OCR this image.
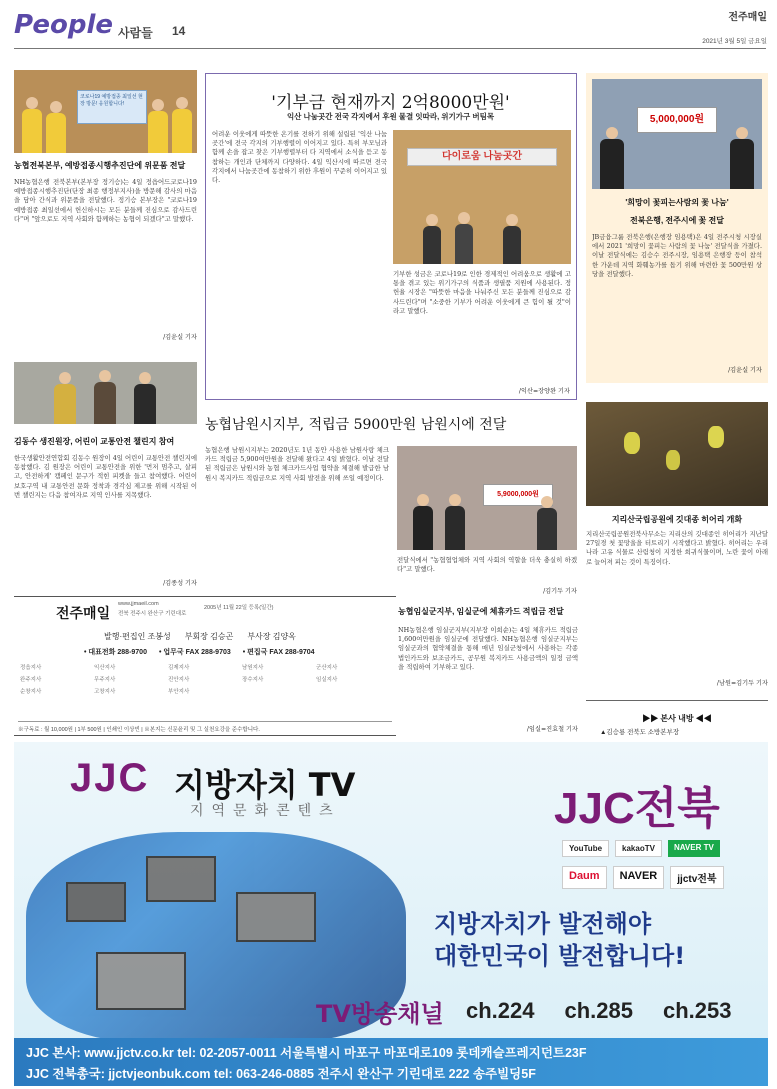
People 사람들 14
전주매일
2021년 3월 5일 금요일
코로나19 예방접종 최일선 현장 방문! 응원합니다!
농협전북본부, 예방접종시행추진단에 위문품 전달
NH농협은행 전북본부(본부장 정기승)는 4일 정읍어드코로나19 예방접종시행추진단(단장 최종 행정부지사)을 방문해 감사의 마음을 담아 간식과 위문품을 전달했다. 정기승 본부장은 "코로나19 예방접종 최일선에서 헌신하시는 모든 분들께 진심으로 감사드린다"며 "앞으로도 지역 사회와 함께하는 농협이 되겠다"고 말했다.
/김윤실 기자
김동수 생진원장, 어린이 교통안전 챌린지 참여
한국생활안전연합회 김동수 원장이 4일 어린이 교통안전 챌린지에 동참했다. 김 원장은 어린이 교통안전을 위한 '먼저 멈추고, 살피고, 안전하게' 캠페인 문구가 적힌 피켓을 들고 참여했다. 어린이 보호구역 내 교통안전 문화 정착과 경각심 제고를 위해 시작된 이번 챌린지는 다음 참여자로 지역 인사를 지목했다.
/김종성 기자
'기부금 현재까지 2억8000만원'
익산 나눔곳간 전국 각지에서 후원 물결 잇따라, 위기가구 버팀목
어려운 이웃에게 따뜻한 온기를 전하기 위해 설립된 '익산 나눔곳간'에 전국 각지의 기부행렬이 이어지고 있다. 특히 부모님과 함께 손을 잡고 찾은 기부행렬부터 다 지역에서 소식을 듣고 동참하는 개인과 단체까지 다양하다. 4일 익산시에 따르면 전국 각지에서 나눔곳간에 동참하기 위한 후원이 꾸준히 이어지고 있다.
다이로움 나눔곳간
기부한 성금은 코로나19로 인한 경제적인 어려움으로 생활에 고통을 겪고 있는 위기가구의 식품과 생필품 지원에 사용된다. 정헌율 시장은 "따뜻한 마음을 나눠주신 모든 분들께 진심으로 감사드린다"며 "소중한 기부가 어려운 이웃에게 큰 힘이 될 것"이라고 말했다.
/익산=장양완 기자
농협남원시지부, 적립금 5900만원 남원시에 전달
농협은행 남원시지부는 2020년도 1년 동안 사용한 남원사랑 체크카드 적립금 5,900여만원을 전달해 왔다고 4일 밝혔다. 이날 전달된 적립금은 남원시와 농협 체크카드사업 협약을 체결해 발급한 남원시 복지카드 적립금으로 지역 사회 발전을 위해 쓰일 예정이다.
5,9000,000원
전달식에서 "농협협업체와 지역 사회의 역할을 더욱 충실히 하겠다"고 말했다.
/김기두 기자
전주매일
www.jjmaeil.com
전북 전주시 완산구 기린대로
2005년 11월 22일 등록(일간)
발행·편집인 조봉성 부회장 김승곤 부사장 김양옥
• 대표전화 288-9700 • 업무국 FAX 288-9703 • 편집국 FAX 288-9704
정읍지사	익산지사	김제지사	남원지사	군산지사
완주지사	무주지사	진안지사	장수지사	임실지사
순창지사	고창지사	부안지사
※구독료 : 월 10,000원 | 1부 500원 | 인쇄인 이상빈 | ※본지는 신문윤리 및 그 실천요강을 준수합니다.
농협임실군지부, 임실군에 체휴카드 적립금 전달
NH농협은행 임실군지부(지부장 이희순)는 4일 체휴카드 적립금 1,600여만원을 임실군에 전달했다. NH농협은행 임실군지부는 임실군과의 협약체결을 통해 매년 임실군청에서 사용하는 각종 법인카드와 보조금카드, 공무원 복지카드 사용금액의 일정 금액을 적립하여 기부하고 있다.
/임실=진효철 기자
5,000,000원
'희망이 꽃피는사람의 꽃 나눔'
전북은행, 전주시에 꽃 전달
JB금융그룹 전북은행(은행장 임용택)은 4일 전주시청 시장실에서 2021 '희망이 꽃피는 사람의 꽃 나눔' 전달식을 가졌다. 이날 전달식에는 김승수 전주시장, 임용택 은행장 등이 참석한 가운데 지역 화훼농가를 돕기 위해 마련한 꽃 500만원 상당을 전달했다.
/김윤실 기자
지리산국립공원에 깃대종 히어리 개화
지리산국립공원전북사무소는 지리산의 깃대종인 히어리가 지난달 27일경 첫 꽃망울을 터트리기 시작했다고 밝혔다. 히어리는 우리나라 고유 식물로 산림청이 지정한 희귀식물이며, 노란 꽃이 아래로 늘어져 피는 것이 특징이다.
/남원=김기두 기자
▶▶ 본사 내방 ◀◀
▲김승룡 전북도 소방본부장
JJC 지방자치 TV
지역문화콘텐츠	JJC전북
YouTube	kakaoTV	NAVER TV
Daum	NAVER	jjctv전북
지방자치가 발전해야
대한민국이 발전합니다!
TV방송채널 ch.224 ch.285 ch.253
JJC 본사: www.jjctv.co.kr tel: 02-2057-0011 서울특별시 마포구 마포대로109 롯데캐슬프레지던트23F
JJC 전북총국: jjctvjeonbuk.com tel: 063-246-0885 전주시 완산구 기린대로 222 송주빌딩5F
